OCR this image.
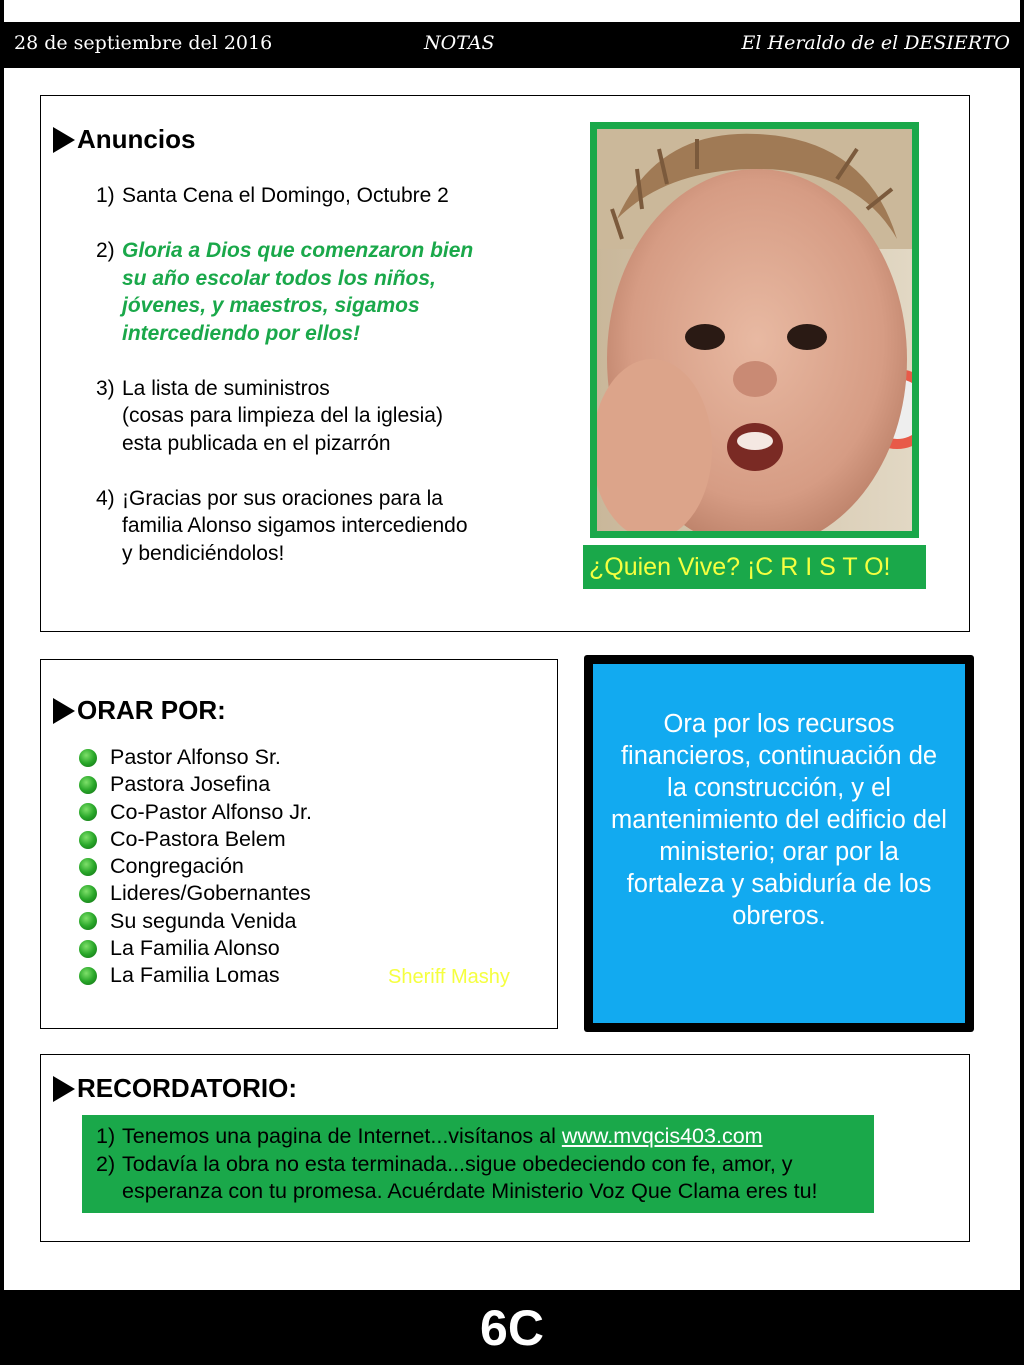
28 de septiembre del 2016	NOTAS	El Heraldo de el DESIERTO
Anuncios
1) Santa Cena el Domingo, Octubre 2
2) Gloria a Dios que comenzaron bien
su año escolar todos los niños,
jóvenes, y maestros, sigamos
intercediendo por ellos!
3) La lista de suministros
(cosas para limpieza del la iglesia)
esta publicada en el pizarrón
4) ¡Gracias por sus oraciones para la
familia Alonso sigamos intercediendo
y bendiciéndolos!	¿Quien Vive? ¡C R I S T O!
ORAR POR:
Pastor Alfonso Sr.
Pastora Josefina
Co-Pastor Alfonso Jr.
Co-Pastora Belem
Congregación
Lideres/Gobernantes
Su segunda Venida
La Familia Alonso
La Familia Lomas	Sheriff Mashy
Ora por los recursos
financieros, continuación de
la construcción, y el
mantenimiento del edificio del
ministerio; orar por la
fortaleza y sabiduría de los
obreros.
RECORDATORIO:
1) Tenemos una pagina de Internet...visítanos al www.mvqcis403.com
2) Todavía la obra no esta terminada...sigue obedeciendo con fe, amor, y
esperanza con tu promesa. Acuérdate Ministerio Voz Que Clama eres tu!
6C
